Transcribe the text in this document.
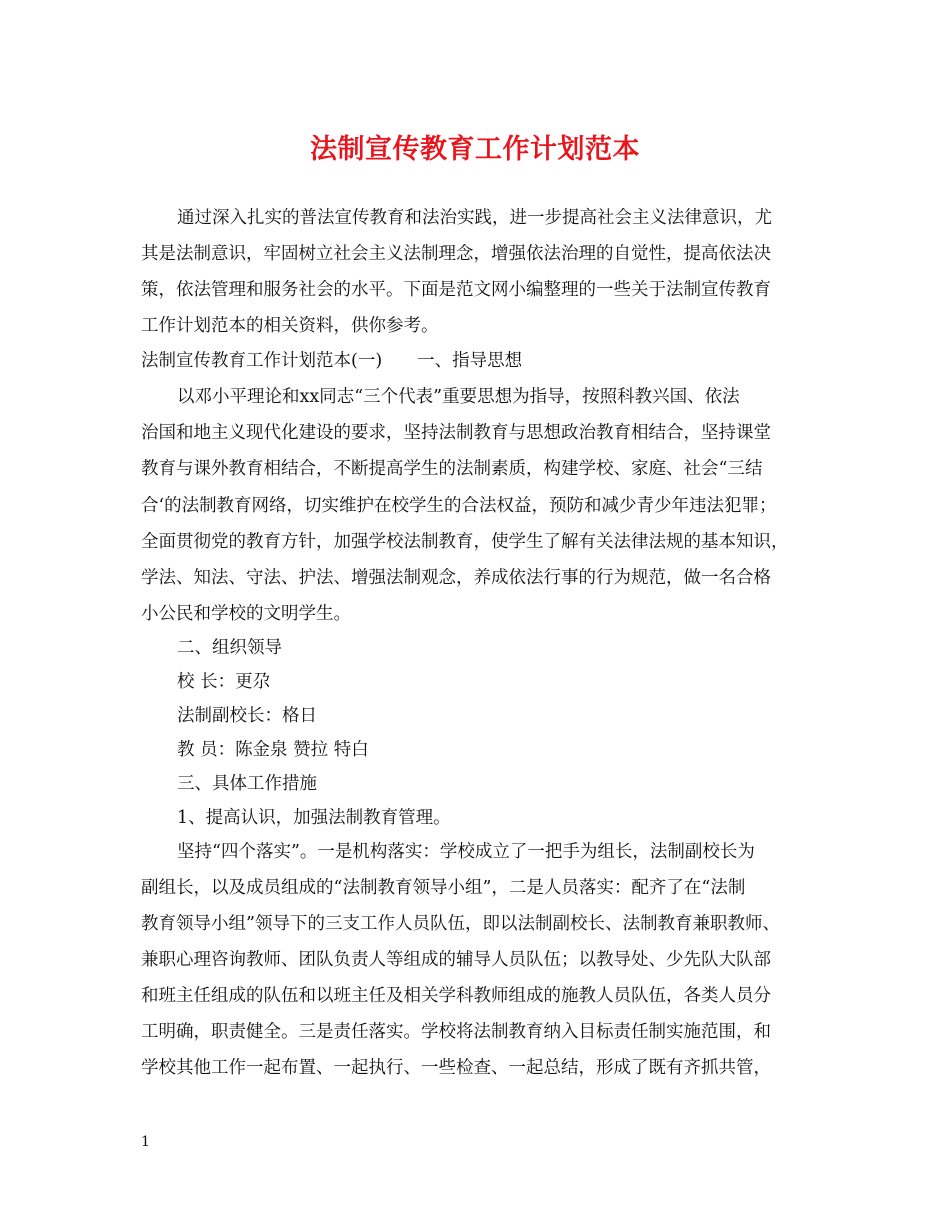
法制宣传教育工作计划范本
通过深入扎实的普法宣传教育和法治实践，进一步提高社会主义法律意识，尤
其是法制意识，牢固树立社会主义法制理念，增强依法治理的自觉性，提高依法决
策，依法管理和服务社会的水平。下面是范文网小编整理的一些关于法制宣传教育
工作计划范本的相关资料，供你参考。
法制宣传教育工作计划范本(一)　　一、指导思想
以邓小平理论和xx同志“三个代表”重要思想为指导，按照科教兴国、依法
治国和地主义现代化建设的要求，坚持法制教育与思想政治教育相结合，坚持课堂
教育与课外教育相结合，不断提高学生的法制素质，构建学校、家庭、社会“三结
合‘的法制教育网络，切实维护在校学生的合法权益，预防和减少青少年违法犯罪；
全面贯彻党的教育方针，加强学校法制教育，使学生了解有关法律法规的基本知识，
学法、知法、守法、护法、增强法制观念，养成依法行事的行为规范，做一名合格
小公民和学校的文明学生。
二、组织领导
校 长：更尕
法制副校长：格日
教 员：陈金泉 赞拉 特白
三、具体工作措施
1、提高认识，加强法制教育管理。
坚持“四个落实”。一是机构落实：学校成立了一把手为组长，法制副校长为
副组长，以及成员组成的“法制教育领导小组”，二是人员落实：配齐了在“法制
教育领导小组”领导下的三支工作人员队伍，即以法制副校长、法制教育兼职教师、
兼职心理咨询教师、团队负责人等组成的辅导人员队伍；以教导处、少先队大队部
和班主任组成的队伍和以班主任及相关学科教师组成的施教人员队伍，各类人员分
工明确，职责健全。三是责任落实。学校将法制教育纳入目标责任制实施范围，和
学校其他工作一起布置、一起执行、一些检查、一起总结，形成了既有齐抓共管，
1
